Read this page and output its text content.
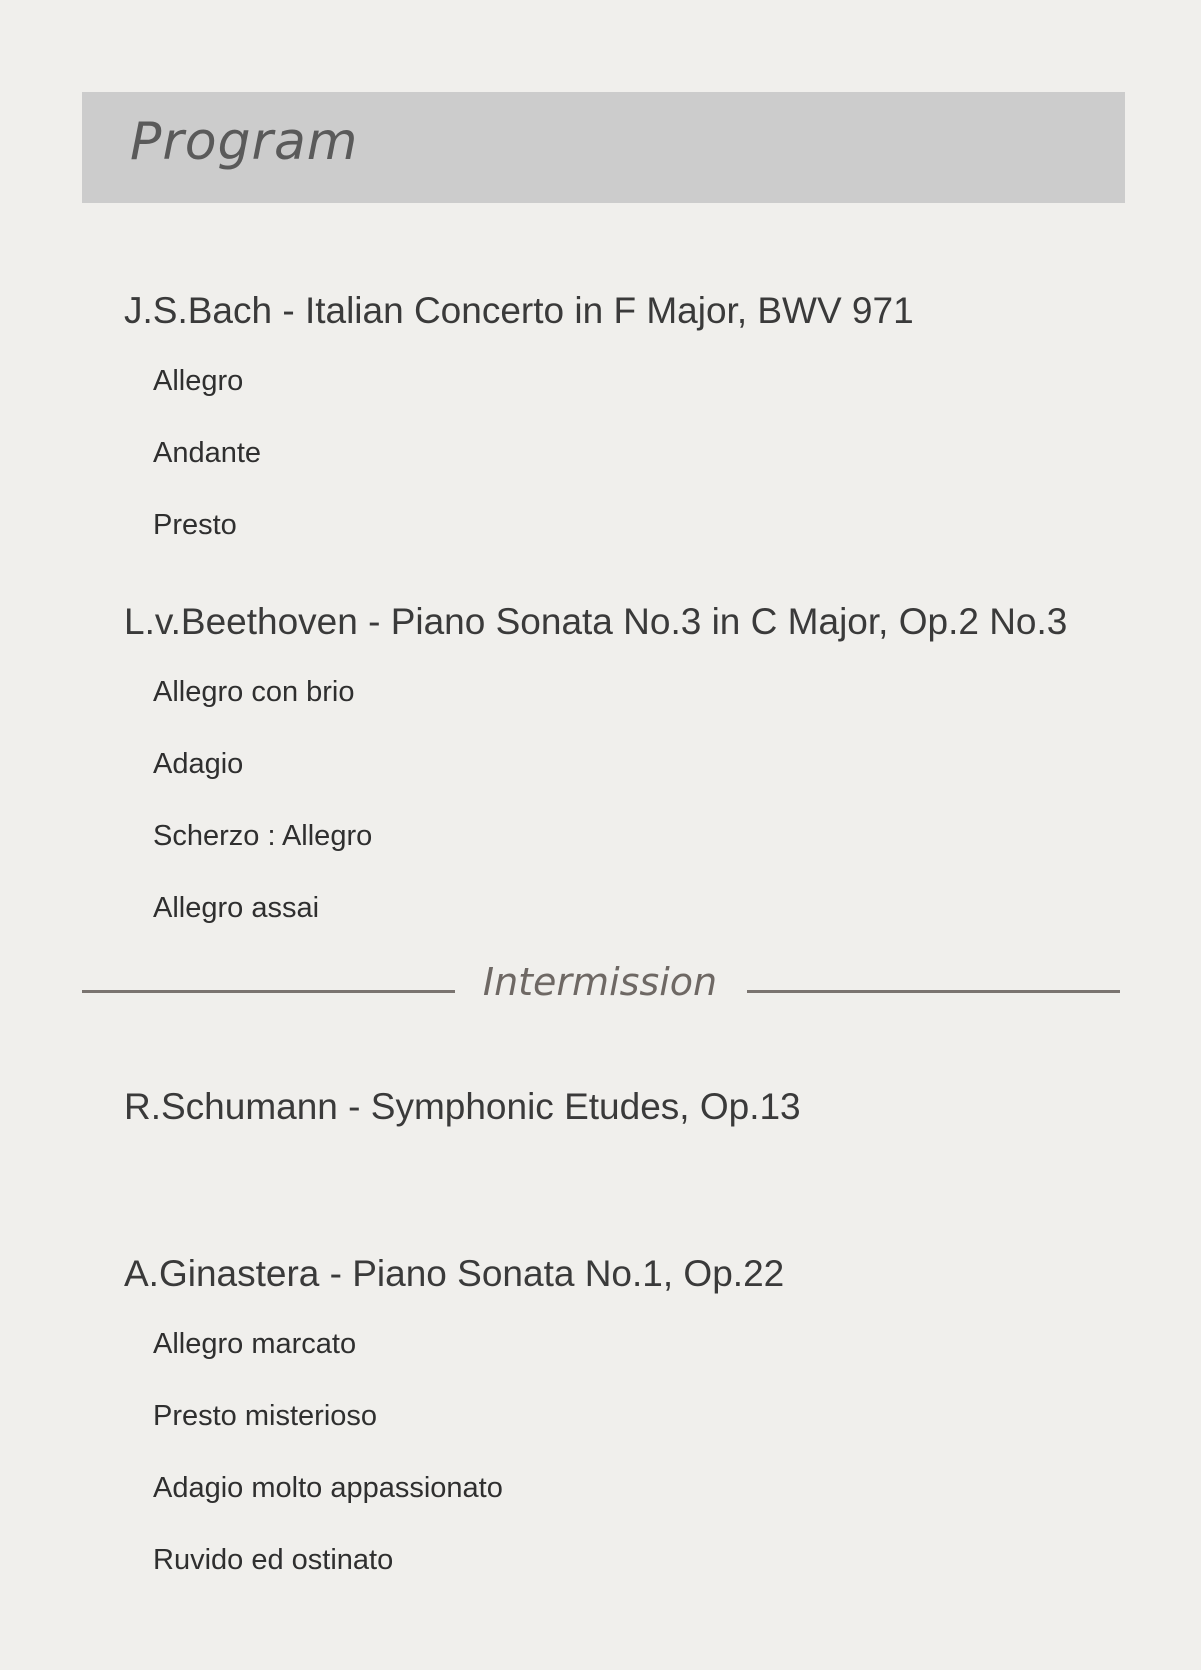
Program
J.S.Bach - Italian Concerto in F Major, BWV 971
Allegro
Andante
Presto
L.v.Beethoven - Piano Sonata No.3 in C Major, Op.2 No.3
Allegro con brio
Adagio
Scherzo : Allegro
Allegro assai
Intermission
R.Schumann - Symphonic Etudes, Op.13
A.Ginastera - Piano Sonata No.1, Op.22
Allegro marcato
Presto misterioso
Adagio molto appassionato
Ruvido ed ostinato
